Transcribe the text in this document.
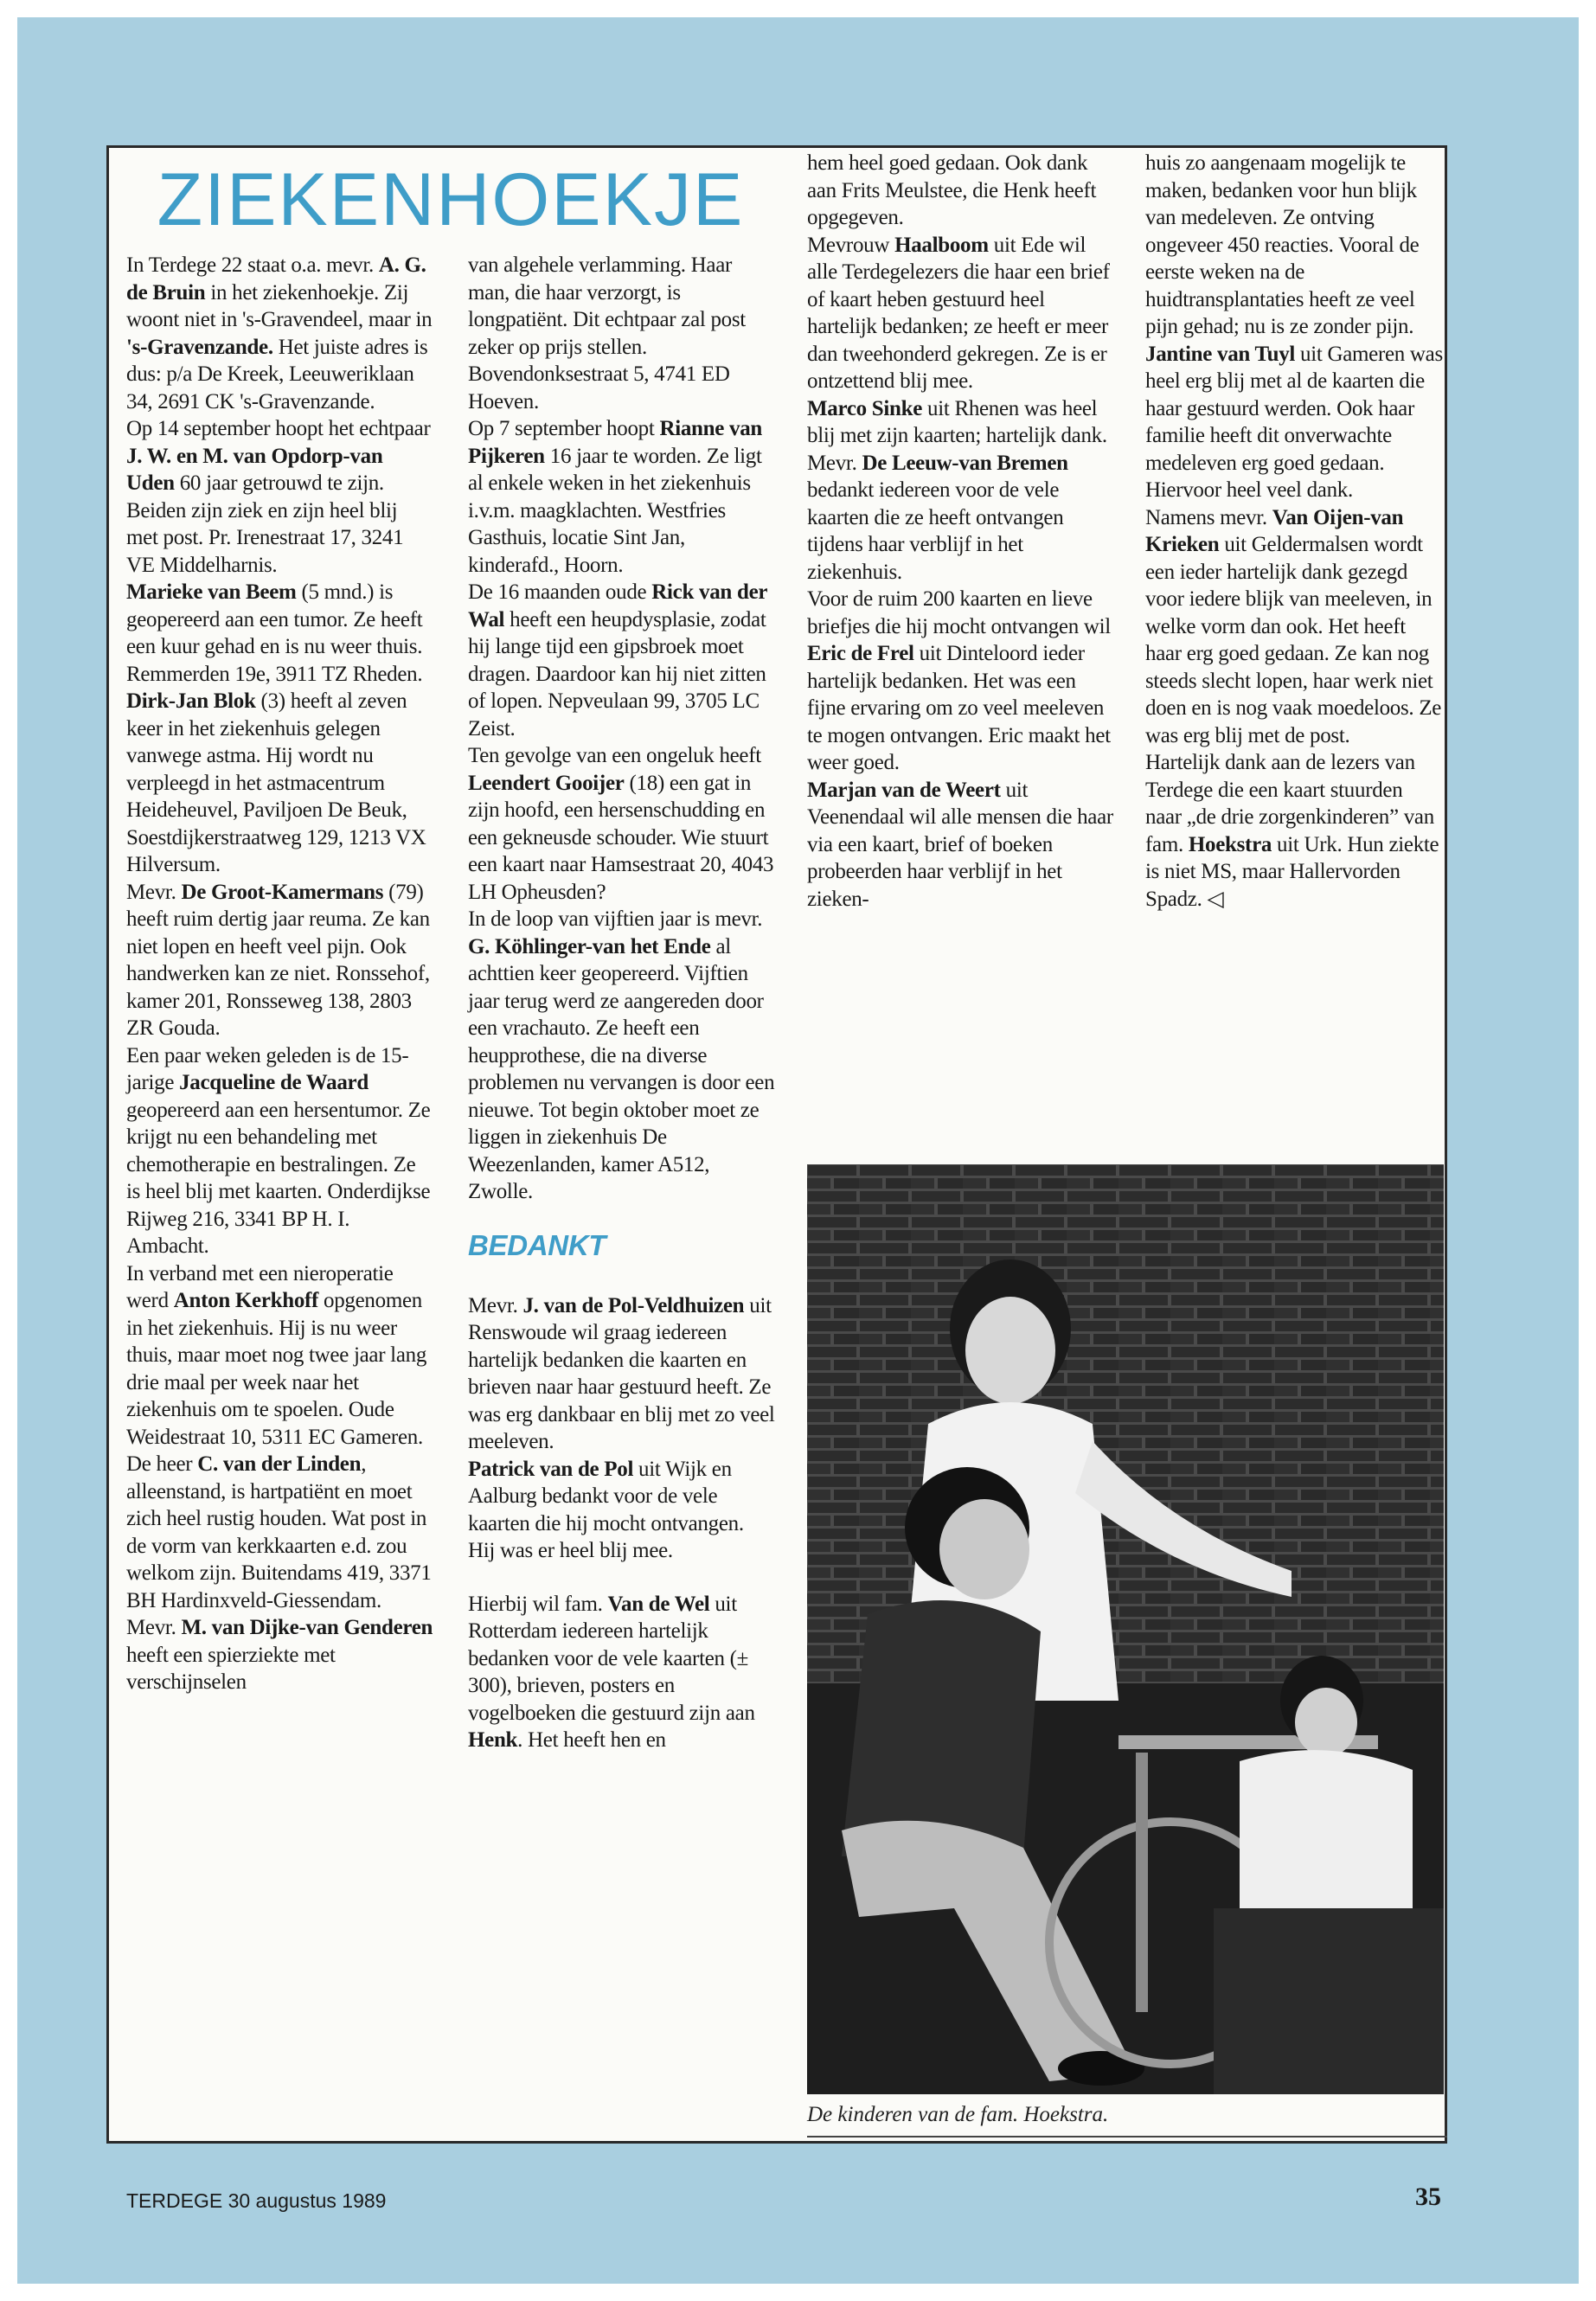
ZIEKENHOEKJE

In Terdege 22 staat o.a. mevr. A. G. de Bruin in het ziekenhoekje. Zij woont niet in 's-Gravendeel, maar in 's-Gravenzande. Het juiste adres is dus: p/a De Kreek, Leeuweriklaan 34, 2691 CK 's-Gravenzande.

Op 14 september hoopt het echtpaar J. W. en M. van Opdorp-van Uden 60 jaar getrouwd te zijn. Beiden zijn ziek en zijn heel blij met post. Pr. Irenestraat 17, 3241 VE Middelharnis.

Marieke van Beem (5 mnd.) is geopereerd aan een tumor. Ze heeft een kuur gehad en is nu weer thuis. Remmerden 19e, 3911 TZ Rheden.

Dirk-Jan Blok (3) heeft al zeven keer in het ziekenhuis gelegen vanwege astma. Hij wordt nu verpleegd in het astmacentrum Heideheuvel, Paviljoen De Beuk, Soestdijkerstraatweg 129, 1213 VX Hilversum.

Mevr. De Groot-Kamermans (79) heeft ruim dertig jaar reuma. Ze kan niet lopen en heeft veel pijn. Ook handwerken kan ze niet. Ronssehof, kamer 201, Ronsseweg 138, 2803 ZR Gouda.

Een paar weken geleden is de 15-jarige Jacqueline de Waard geopereerd aan een hersentumor. Ze krijgt nu een behandeling met chemotherapie en bestralingen. Ze is heel blij met kaarten. Onderdijkse Rijweg 216, 3341 BP H. I. Ambacht.

In verband met een nieroperatie werd Anton Kerkhoff opgenomen in het ziekenhuis. Hij is nu weer thuis, maar moet nog twee jaar lang drie maal per week naar het ziekenhuis om te spoelen. Oude Weidestraat 10, 5311 EC Gameren.

De heer C. van der Linden, alleenstand, is hartpatiënt en moet zich heel rustig houden. Wat post in de vorm van kerkkaarten e.d. zou welkom zijn. Buitendams 419, 3371 BH Hardinxveld-Giessendam.

Mevr. M. van Dijke-van Genderen heeft een spierziekte met verschijnselen

van algehele verlamming. Haar man, die haar verzorgt, is longpatiënt. Dit echtpaar zal post zeker op prijs stellen. Bovendonksestraat 5, 4741 ED Hoeven.

Op 7 september hoopt Rianne van Pijkeren 16 jaar te worden. Ze ligt al enkele weken in het ziekenhuis i.v.m. maagklachten. Westfries Gasthuis, locatie Sint Jan, kinderafd., Hoorn.

De 16 maanden oude Rick van der Wal heeft een heupdysplasie, zodat hij lange tijd een gipsbroek moet dragen. Daardoor kan hij niet zitten of lopen. Nepveulaan 99, 3705 LC Zeist.

Ten gevolge van een ongeluk heeft Leendert Gooijer (18) een gat in zijn hoofd, een hersenschudding en een gekneusde schouder. Wie stuurt een kaart naar Hamsestraat 20, 4043 LH Opheusden?

In de loop van vijftien jaar is mevr. G. Köhlinger-van het Ende al achttien keer geopereerd. Vijftien jaar terug werd ze aangereden door een vrachauto. Ze heeft een heupprothese, die na diverse problemen nu vervangen is door een nieuwe. Tot begin oktober moet ze liggen in ziekenhuis De Weezenlanden, kamer A512, Zwolle.

BEDANKT

Mevr. J. van de Pol-Veldhuizen uit Renswoude wil graag iedereen hartelijk bedanken die kaarten en brieven naar haar gestuurd heeft. Ze was erg dankbaar en blij met zo veel meeleven.

Patrick van de Pol uit Wijk en Aalburg bedankt voor de vele kaarten die hij mocht ontvangen. Hij was er heel blij mee.

Hierbij wil fam. Van de Wel uit Rotterdam iedereen hartelijk bedanken voor de vele kaarten (± 300), brieven, posters en vogelboeken die gestuurd zijn aan Henk. Het heeft hen en

hem heel goed gedaan. Ook dank aan Frits Meulstee, die Henk heeft opgegeven.

Mevrouw Haalboom uit Ede wil alle Terdegelezers die haar een brief of kaart heben gestuurd heel hartelijk bedanken; ze heeft er meer dan tweehonderd gekregen. Ze is er ontzettend blij mee.

Marco Sinke uit Rhenen was heel blij met zijn kaarten; hartelijk dank.

Mevr. De Leeuw-van Bremen bedankt iedereen voor de vele kaarten die ze heeft ontvangen tijdens haar verblijf in het ziekenhuis.

Voor de ruim 200 kaarten en lieve briefjes die hij mocht ontvangen wil Eric de Frel uit Dinteloord ieder hartelijk bedanken. Het was een fijne ervaring om zo veel meeleven te mogen ontvangen. Eric maakt het weer goed.

Marjan van de Weert uit Veenendaal wil alle mensen die haar via een kaart, brief of boeken probeerden haar verblijf in het zieken-

huis zo aangenaam mogelijk te maken, bedanken voor hun blijk van medeleven. Ze ontving ongeveer 450 reacties. Vooral de eerste weken na de huidtransplantaties heeft ze veel pijn gehad; nu is ze zonder pijn.

Jantine van Tuyl uit Gameren was heel erg blij met al de kaarten die haar gestuurd werden. Ook haar familie heeft dit onverwachte medeleven erg goed gedaan. Hiervoor heel veel dank.

Namens mevr. Van Oijen-van Krieken uit Geldermalsen wordt een ieder hartelijk dank gezegd voor iedere blijk van meeleven, in welke vorm dan ook. Het heeft haar erg goed gedaan. Ze kan nog steeds slecht lopen, haar werk niet doen en is nog vaak moedeloos. Ze was erg blij met de post.

Hartelijk dank aan de lezers van Terdege die een kaart stuurden naar „de drie zorgenkinderen” van fam. Hoekstra uit Urk. Hun ziekte is niet MS, maar Hallervorden Spadz. ◁

De kinderen van de fam. Hoekstra.
TERDEGE 30 augustus 1989	35
